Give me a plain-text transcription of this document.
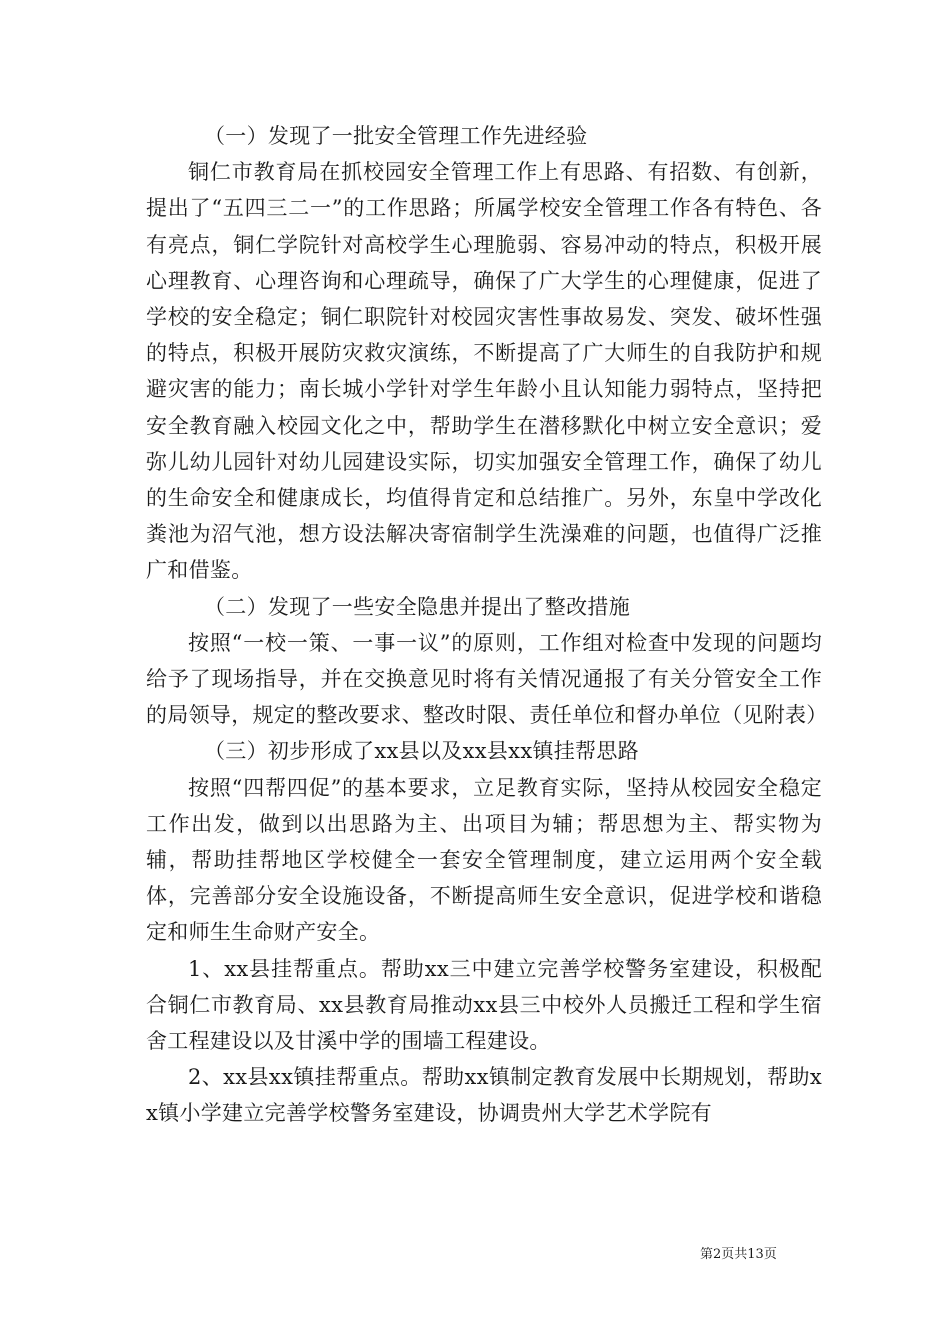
（一）发现了一批安全管理工作先进经验

铜仁市教育局在抓校园安全管理工作上有思路、有招数、有创新，提出了“五四三二一”的工作思路；所属学校安全管理工作各有特色、各有亮点，铜仁学院针对高校学生心理脆弱、容易冲动的特点，积极开展心理教育、心理咨询和心理疏导，确保了广大学生的心理健康，促进了学校的安全稳定；铜仁职院针对校园灾害性事故易发、突发、破坏性强的特点，积极开展防灾救灾演练，不断提高了广大师生的自我防护和规避灾害的能力；南长城小学针对学生年龄小且认知能力弱特点，坚持把安全教育融入校园文化之中，帮助学生在潜移默化中树立安全意识；爱弥儿幼儿园针对幼儿园建设实际，切实加强安全管理工作，确保了幼儿的生命安全和健康成长，均值得肯定和总结推广。另外，东皇中学改化粪池为沼气池，想方设法解决寄宿制学生洗澡难的问题，也值得广泛推广和借鉴。

（二）发现了一些安全隐患并提出了整改措施

按照“一校一策、一事一议”的原则，工作组对检查中发现的问题均给予了现场指导，并在交换意见时将有关情况通报了有关分管安全工作的局领导，规定的整改要求、整改时限、责任单位和督办单位（见附表）

（三）初步形成了xx县以及xx县xx镇挂帮思路

按照“四帮四促”的基本要求，立足教育实际，坚持从校园安全稳定工作出发，做到以出思路为主、出项目为辅；帮思想为主、帮实物为辅，帮助挂帮地区学校健全一套安全管理制度，建立运用两个安全载体，完善部分安全设施设备，不断提高师生安全意识，促进学校和谐稳定和师生生命财产安全。

1、xx县挂帮重点。帮助xx三中建立完善学校警务室建设，积极配合铜仁市教育局、xx县教育局推动xx县三中校外人员搬迁工程和学生宿舍工程建设以及甘溪中学的围墙工程建设。

2、xx县xx镇挂帮重点。帮助xx镇制定教育发展中长期规划，帮助xx镇小学建立完善学校警务室建设，协调贵州大学艺术学院有

第2页共13页
